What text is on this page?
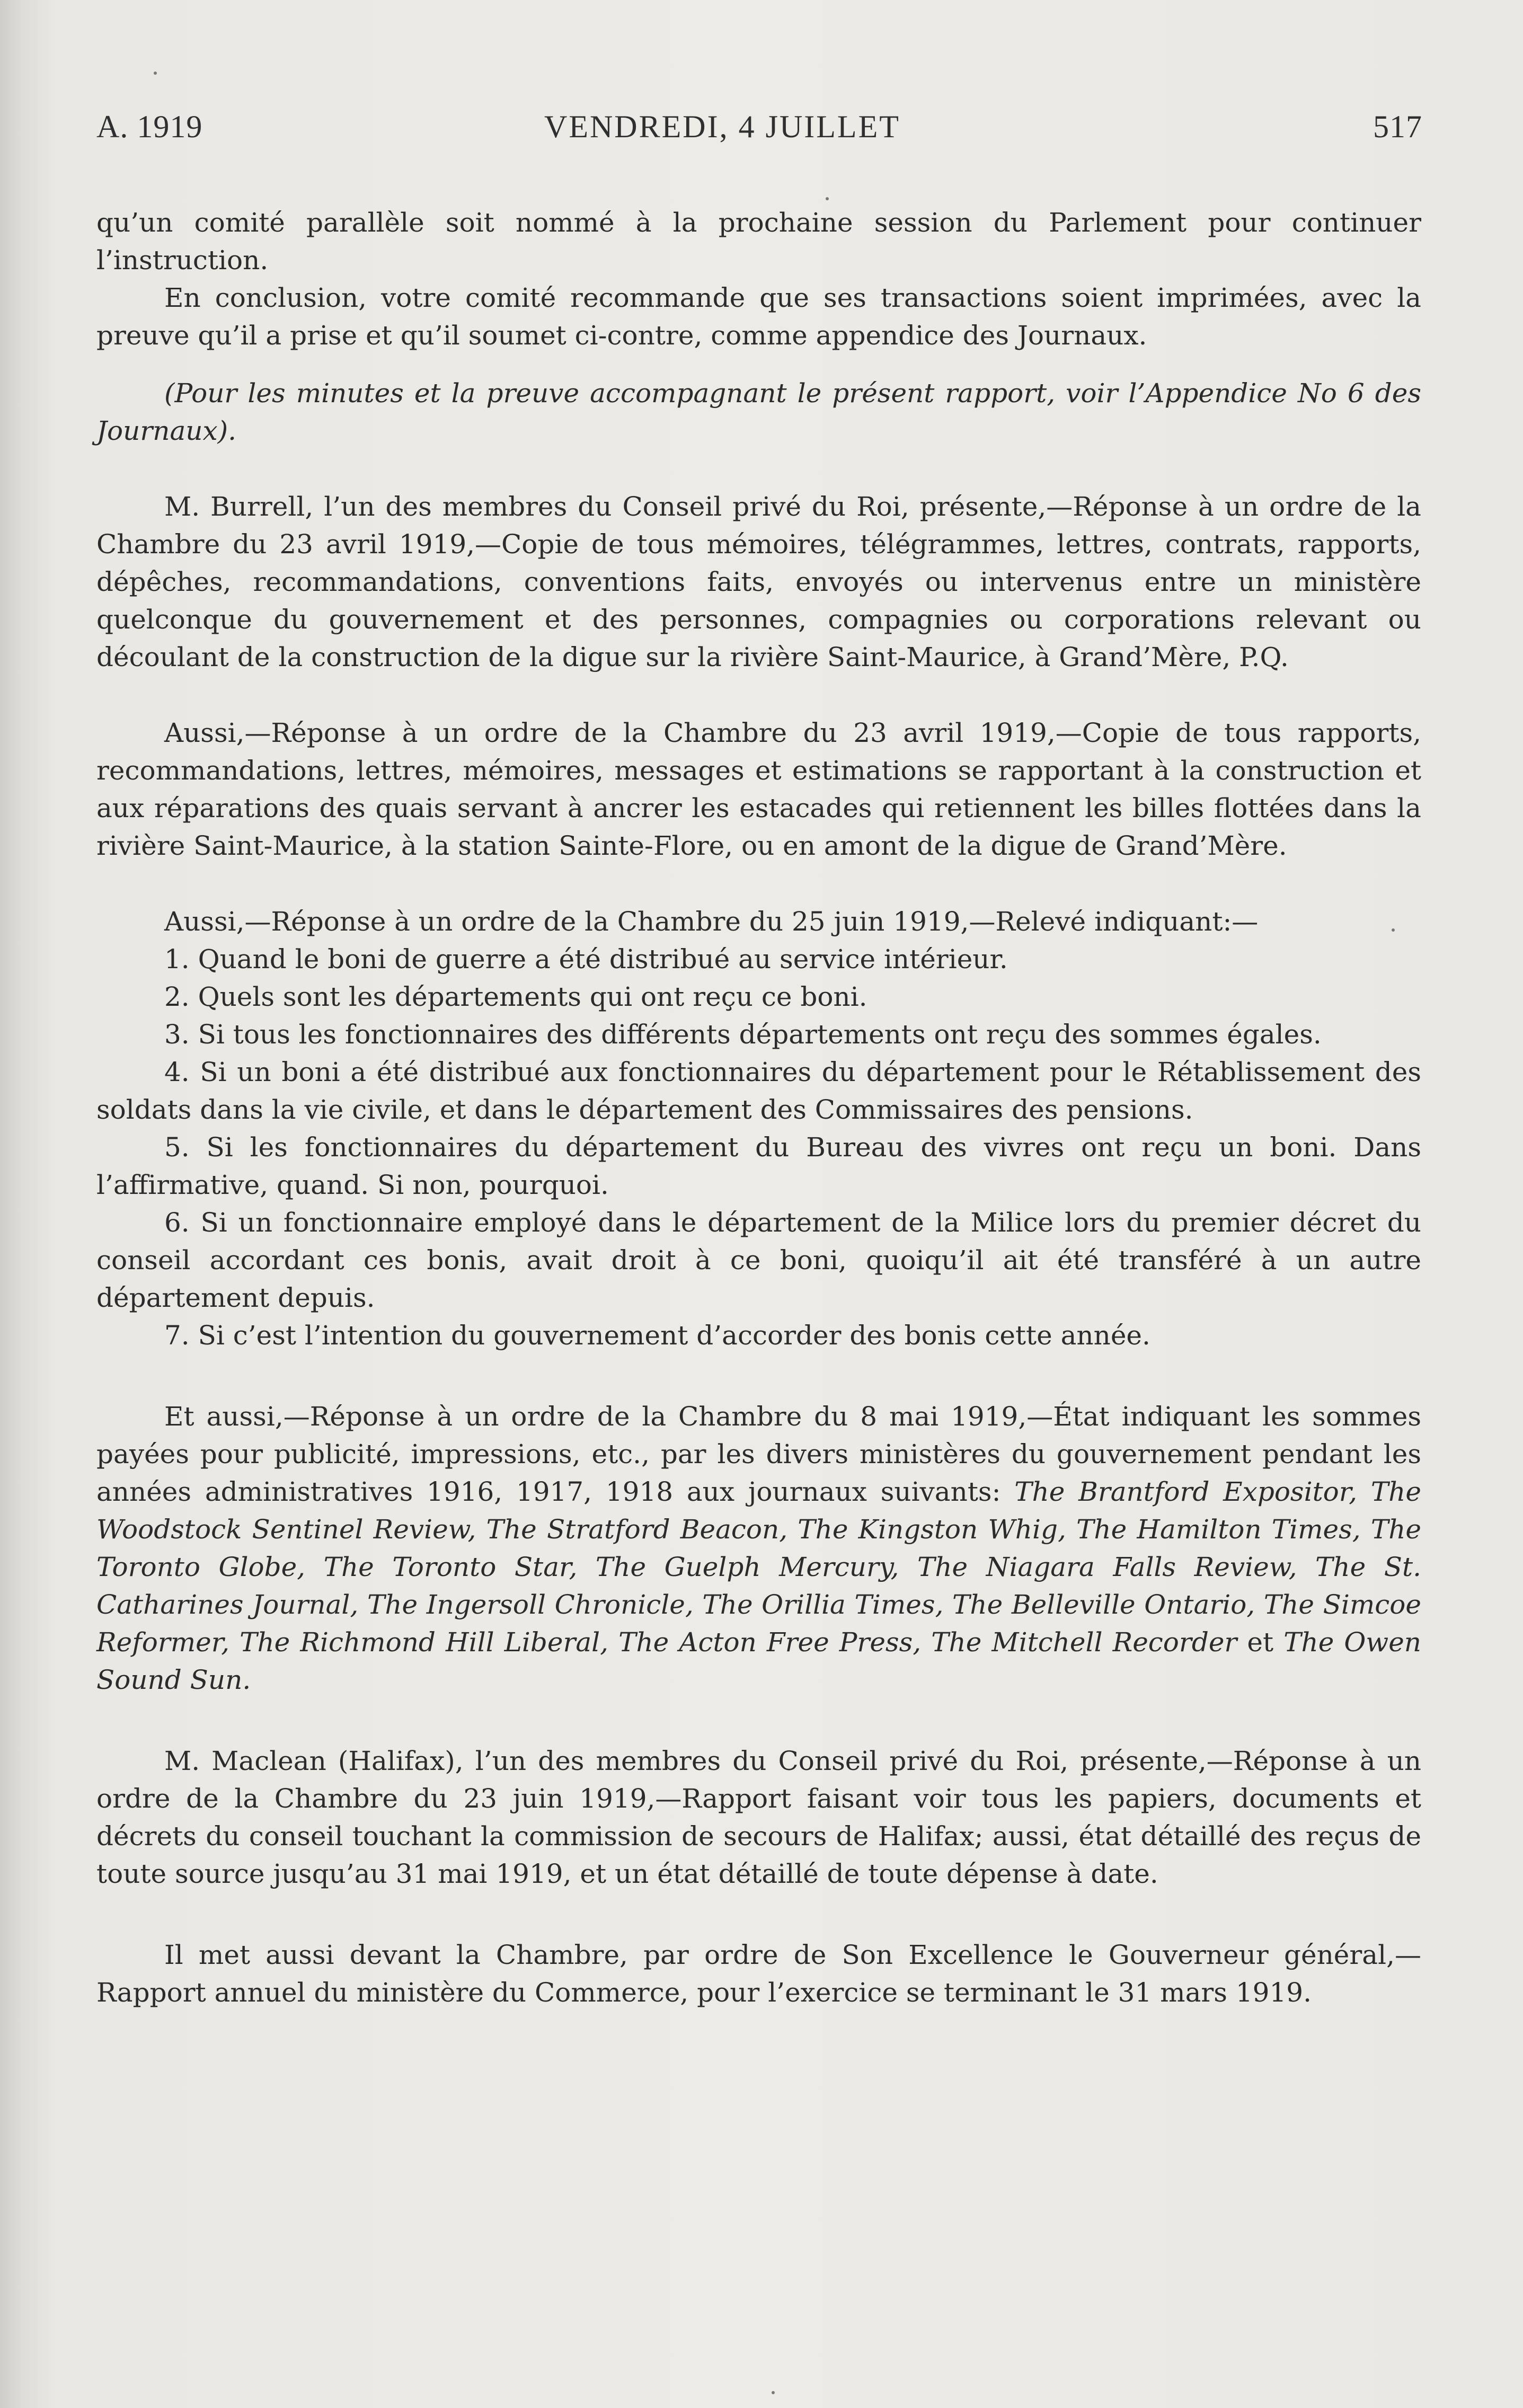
A. 1919	VENDREDI, 4 JUILLET	517

qu’un comité parallèle soit nommé à la prochaine session du Parlement pour continuer l’instruction.

En conclusion, votre comité recommande que ses transactions soient imprimées, avec la preuve qu’il a prise et qu’il soumet ci-contre, comme appendice des Journaux.

(Pour les minutes et la preuve accompagnant le présent rapport, voir l’Appendice No 6 des Journaux).

M. Burrell, l’un des membres du Conseil privé du Roi, présente,—Réponse à un ordre de la Chambre du 23 avril 1919,—Copie de tous mémoires, télégrammes, lettres, contrats, rapports, dépêches, recommandations, conventions faits, envoyés ou intervenus entre un ministère quelconque du gouvernement et des personnes, compagnies ou corporations relevant ou découlant de la construction de la digue sur la rivière Saint-Maurice, à Grand’Mère, P.Q.

Aussi,—Réponse à un ordre de la Chambre du 23 avril 1919,—Copie de tous rapports, recommandations, lettres, mémoires, messages et estimations se rapportant à la construction et aux réparations des quais servant à ancrer les estacades qui retiennent les billes flottées dans la rivière Saint-Maurice, à la station Sainte-Flore, ou en amont de la digue de Grand’Mère.

Aussi,—Réponse à un ordre de la Chambre du 25 juin 1919,—Relevé indiquant:—

1. Quand le boni de guerre a été distribué au service intérieur.

2. Quels sont les départements qui ont reçu ce boni.

3. Si tous les fonctionnaires des différents départements ont reçu des sommes égales.

4. Si un boni a été distribué aux fonctionnaires du département pour le Rétablissement des soldats dans la vie civile, et dans le département des Commissaires des pensions.

5. Si les fonctionnaires du département du Bureau des vivres ont reçu un boni. Dans l’affirmative, quand. Si non, pourquoi.

6. Si un fonctionnaire employé dans le département de la Milice lors du premier décret du conseil accordant ces bonis, avait droit à ce boni, quoiqu’il ait été transféré à un autre département depuis.

7. Si c’est l’intention du gouvernement d’accorder des bonis cette année.

Et aussi,—Réponse à un ordre de la Chambre du 8 mai 1919,—État indiquant les sommes payées pour publicité, impressions, etc., par les divers ministères du gouvernement pendant les années administratives 1916, 1917, 1918 aux journaux suivants: The Brantford Expositor, The Woodstock Sentinel Review, The Stratford Beacon, The Kingston Whig, The Hamilton Times, The Toronto Globe, The Toronto Star, The Guelph Mercury, The Niagara Falls Review, The St. Catharines Journal, The Ingersoll Chronicle, The Orillia Times, The Belleville Ontario, The Simcoe Reformer, The Richmond Hill Liberal, The Acton Free Press, The Mitchell Recorder et The Owen Sound Sun.

M. Maclean (Halifax), l’un des membres du Conseil privé du Roi, présente,—Réponse à un ordre de la Chambre du 23 juin 1919,—Rapport faisant voir tous les papiers, documents et décrets du conseil touchant la commission de secours de Halifax; aussi, état détaillé des reçus de toute source jusqu’au 31 mai 1919, et un état détaillé de toute dépense à date.

Il met aussi devant la Chambre, par ordre de Son Excellence le Gouverneur général,—Rapport annuel du ministère du Commerce, pour l’exercice se terminant le 31 mars 1919.
